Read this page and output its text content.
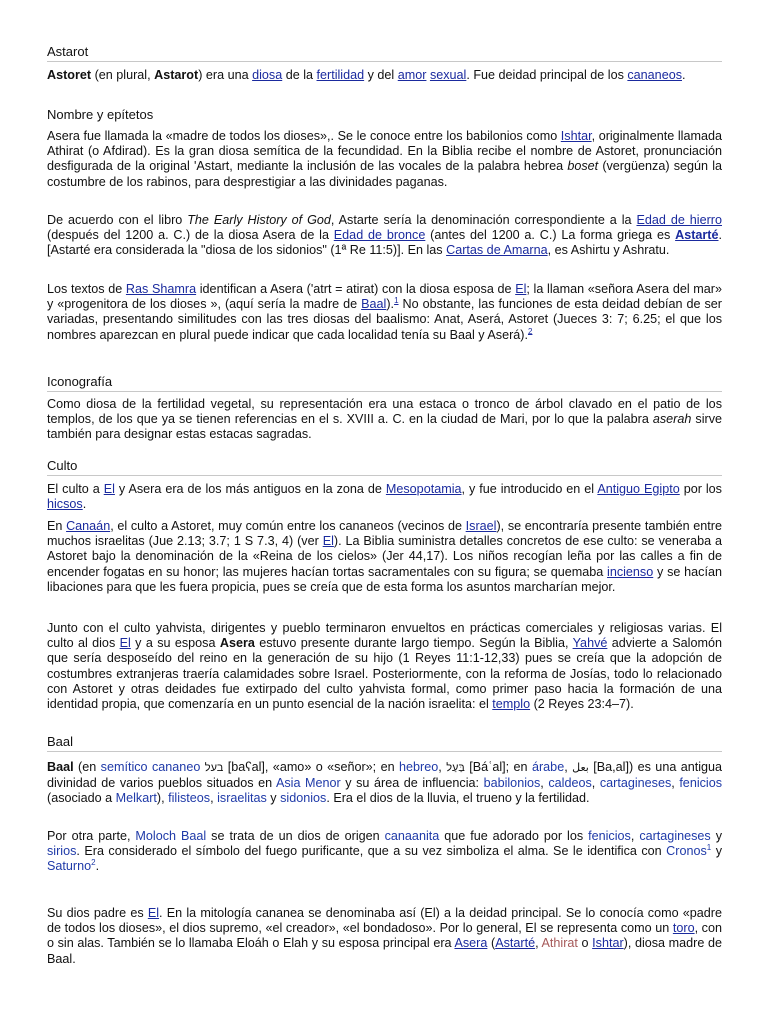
Astarot

Astoret (en plural, Astarot) era una diosa de la fertilidad y del amor sexual. Fue deidad principal de los cananeos.

Nombre y epítetos

Asera fue llamada la «madre de todos los dioses»,. Se le conoce entre los babilonios como Ishtar, originalmente llamada Athirat (o Afdirad). Es la gran diosa semítica de la fecundidad. En la Biblia recibe el nombre de Astoret, pronunciación desfigurada de la original 'Astart, mediante la inclusión de las vocales de la palabra hebrea boset (vergüenza) según la costumbre de los rabinos, para desprestigiar a las divinidades paganas.

De acuerdo con el libro The Early History of God, Astarte sería la denominación correspondiente a la Edad de hierro (después del 1200 a. C.) de la diosa Asera de la Edad de bronce (antes del 1200 a. C.) La forma griega es Astarté. [Astarté era considerada la "diosa de los sidonios" (1ª Re 11:5)]. En las Cartas de Amarna, es Ashirtu y Ashratu.

Los textos de Ras Shamra identifican a Asera ('atrt = atirat) con la diosa esposa de El; la llaman «señora Asera del mar» y «progenitora de los dioses », (aquí sería la madre de Baal).$^1$ No obstante, las funciones de esta deidad debían de ser variadas, presentando similitudes con las tres diosas del baalismo: Anat, Aserá, Astoret (Jueces 3: 7; 6.25; el que los nombres aparezcan en plural puede indicar que cada localidad tenía su Baal y Aserá).$^2$

Iconografía

Como diosa de la fertilidad vegetal, su representación era una estaca o tronco de árbol clavado en el patio de los templos, de los que ya se tienen referencias en el s. XVIII a. C. en la ciudad de Mari, por lo que la palabra aserah sirve también para designar estas estacas sagradas.

Culto

El culto a El y Asera era de los más antiguos en la zona de Mesopotamia, y fue introducido en el Antiguo Egipto por los hicsos.

En Canaán, el culto a Astoret, muy común entre los cananeos (vecinos de Israel), se encontraría presente también entre muchos israelitas (Jue 2.13; 3.7; 1 S 7.3, 4) (ver El). La Biblia suministra detalles concretos de ese culto: se veneraba a Astoret bajo la denominación de la «Reina de los cielos» (Jer 44,17). Los niños recogían leña por las calles a fin de encender fogatas en su honor; las mujeres hacían tortas sacramentales con su figura; se quemaba incienso y se hacían libaciones para que les fuera propicia, pues se creía que de esta forma los asuntos marcharían mejor.

Junto con el culto yahvista, dirigentes y pueblo terminaron envueltos en prácticas comerciales y religiosas varias. El culto al dios El y a su esposa Asera estuvo presente durante largo tiempo. Según la Biblia, Yahvé advierte a Salomón que sería desposeído del reino en la generación de su hijo (1 Reyes 11:1-12,33) pues se creía que la adopción de costumbres extranjeras traería calamidades sobre Israel. Posteriormente, con la reforma de Josías, todo lo relacionado con Astoret y otras deidades fue extirpado del culto yahvista formal, como primer paso hacia la formación de una identidad propia, que comenzaría en un punto esencial de la nación israelita: el templo (2 Reyes 23:4–7).

Baal

Baal (en semítico cananeo בעל [baʕal], «amo» o «señor»; en hebreo, בַּעַל [Báʿal]; en árabe, بعل [Ba,al]) es una antigua divinidad de varios pueblos situados en Asia Menor y su área de influencia: babilonios, caldeos, cartagineses, fenicios (asociado a Melkart), filisteos, israelitas y sidonios. Era el dios de la lluvia, el trueno y la fertilidad.

Por otra parte, Moloch Baal se trata de un dios de origen canaanita que fue adorado por los fenicios, cartagineses y sirios. Era considerado el símbolo del fuego purificante, que a su vez simboliza el alma. Se le identifica con Cronos$^1$ y Saturno$^2$.

Su dios padre es El. En la mitología cananea se denominaba así (El) a la deidad principal. Se lo conocía como «padre de todos los dioses», el dios supremo, «el creador», «el bondadoso». Por lo general, El se representa como un toro, con o sin alas. También se lo llamaba Eloáh o Elah y su esposa principal era Asera (Astarté, Athirat o Ishtar), diosa madre de Baal.
